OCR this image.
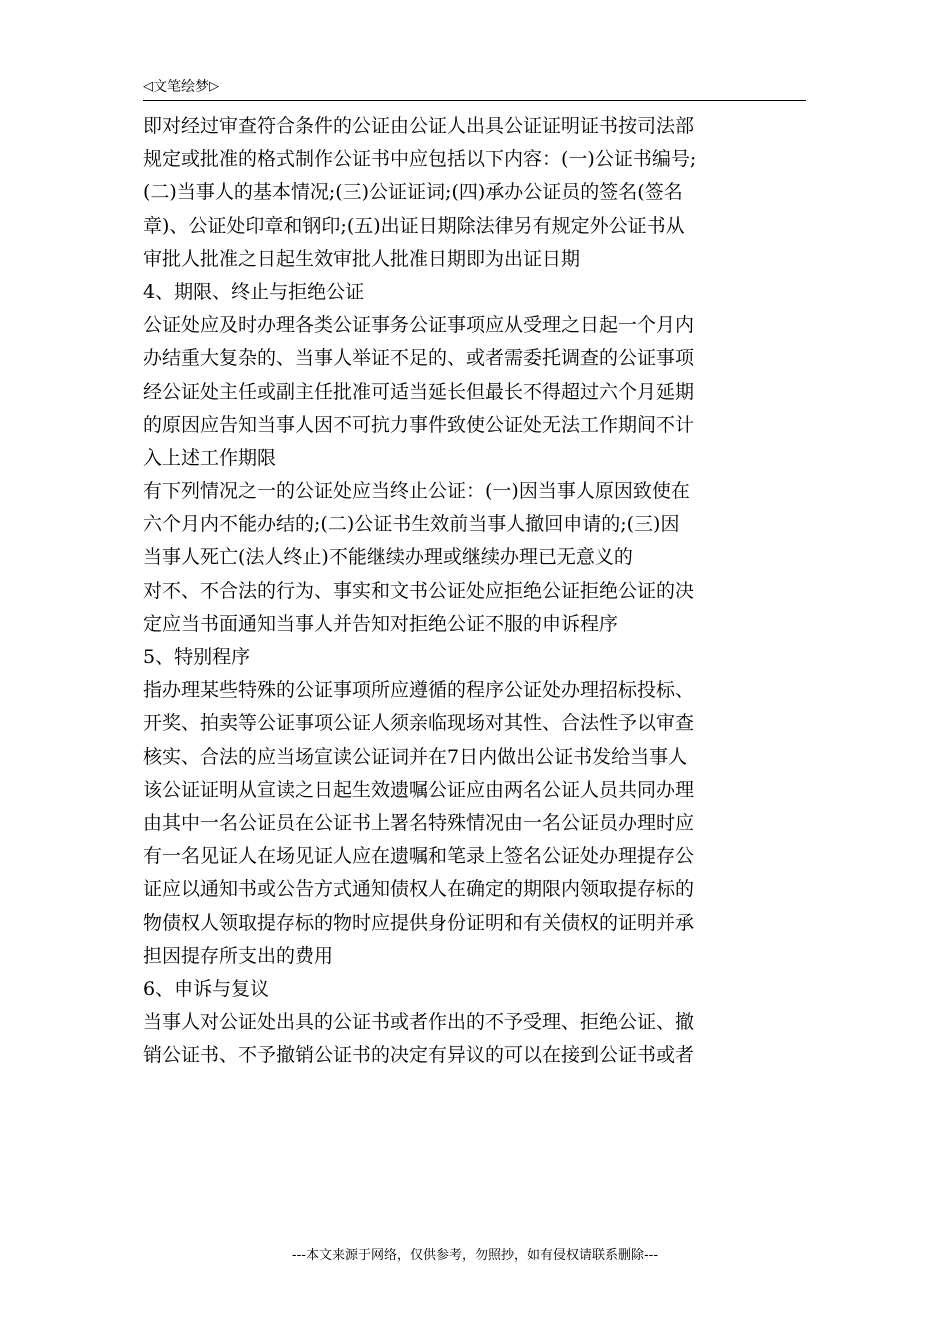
◁ 文笔绘梦 ▷
即对经过审查符合条件的公证由公证人出具公证证明证书按司法部
规定或批准的格式制作公证书中应包括以下内容：(一)公证书编号;
(二)当事人的基本情况;(三)公证证词;(四)承办公证员的签名(签名
章)、公证处印章和钢印;(五)出证日期除法律另有规定外公证书从
审批人批准之日起生效审批人批准日期即为出证日期
4、期限、终止与拒绝公证
公证处应及时办理各类公证事务公证事项应从受理之日起一个月内
办结重大复杂的、当事人举证不足的、或者需委托调查的公证事项
经公证处主任或副主任批准可适当延长但最长不得超过六个月延期
的原因应告知当事人因不可抗力事件致使公证处无法工作期间不计
入上述工作期限
有下列情况之一的公证处应当终止公证：(一)因当事人原因致使在
六个月内不能办结的;(二)公证书生效前当事人撤回申请的;(三)因
当事人死亡(法人终止)不能继续办理或继续办理已无意义的
对不、不合法的行为、事实和文书公证处应拒绝公证拒绝公证的决
定应当书面通知当事人并告知对拒绝公证不服的申诉程序
5、特别程序
指办理某些特殊的公证事项所应遵循的程序公证处办理招标投标、
开奖、拍卖等公证事项公证人须亲临现场对其性、合法性予以审查
核实、合法的应当场宣读公证词并在7日内做出公证书发给当事人
该公证证明从宣读之日起生效遗嘱公证应由两名公证人员共同办理
由其中一名公证员在公证书上署名特殊情况由一名公证员办理时应
有一名见证人在场见证人应在遗嘱和笔录上签名公证处办理提存公
证应以通知书或公告方式通知债权人在确定的期限内领取提存标的
物债权人领取提存标的物时应提供身份证明和有关债权的证明并承
担因提存所支出的费用
6、申诉与复议
当事人对公证处出具的公证书或者作出的不予受理、拒绝公证、撤
销公证书、不予撤销公证书的决定有异议的可以在接到公证书或者
---本文来源于网络，仅供参考，勿照抄，如有侵权请联系删除---
